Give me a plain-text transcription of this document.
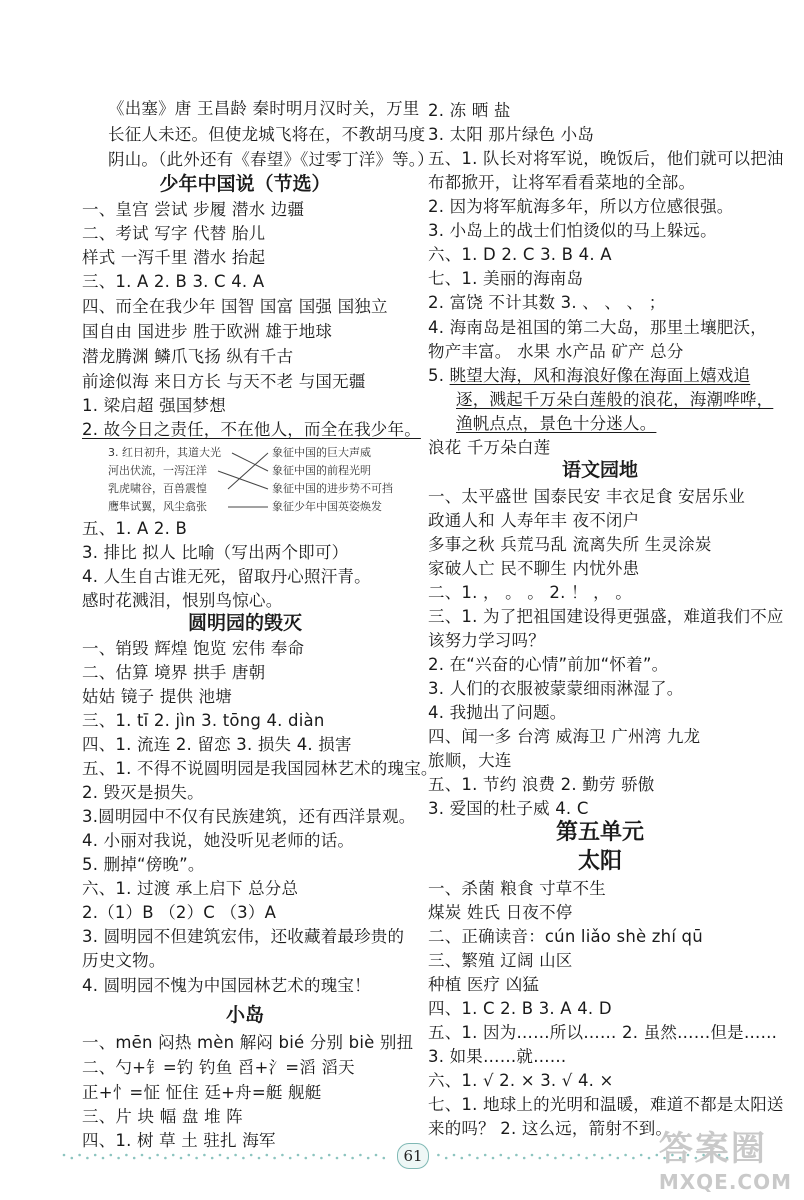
《出塞》唐 王昌龄 秦时明月汉时关，万里
长征人未还。但使龙城飞将在，不教胡马度
阴山。（此外还有《春望》《过零丁洋》等。）
少年中国说（节选）
一、皇宫 尝试 步履 潜水 边疆
二、考试 写字 代替 胎儿
样式 一泻千里 潜水 抬起
三、1. A 2. B 3. C 4. A
四、而全在我少年 国智 国富 国强 国独立
国自由 国进步 胜于欧洲 雄于地球
潜龙腾渊 鳞爪飞扬 纵有千古
前途似海 来日方长 与天不老 与国无疆
1. 梁启超 强国梦想
2. 故今日之责任，不在他人，而全在我少年。
3. 红日初升，其道大光
河出伏流，一泻汪洋
乳虎啸谷，百兽震惶
鹰隼试翼，风尘翕张
象征中国的巨大声威
象征中国的前程光明
象征中国的进步势不可挡
象征少年中国英姿焕发
五、1. A 2. B
3. 排比 拟人 比喻（写出两个即可）
4. 人生自古谁无死，留取丹心照汗青。
感时花溅泪，恨别鸟惊心。
圆明园的毁灭
一、销毁 辉煌 饱览 宏伟 奉命
二、估算 境界 拱手 唐朝
姑姑 镜子 提供 池塘
三、1. tī 2. jìn 3. tōng 4. diàn
四、1. 流连 2. 留恋 3. 损失 4. 损害
五、1. 不得不说圆明园是我国园林艺术的瑰宝。
2. 毁灭是损失。
3.圆明园中不仅有民族建筑，还有西洋景观。
4. 小丽对我说，她没听见老师的话。
5. 删掉“傍晚”。
六、1. 过渡 承上启下 总分总
2.（1）B （2）C （3）A
3. 圆明园不但建筑宏伟，还收藏着最珍贵的
历史文物。
4. 圆明园不愧为中国园林艺术的瑰宝！
小岛
一、mēn 闷热 mèn 解闷 bié 分别 biè 别扭
二、勺+钅=钓 钓鱼 舀+氵=滔 滔天
正+忄=怔 怔住 廷+舟=艇 舰艇
三、片 块 幅 盘 堆 阵
四、1. 树 草 土 驻扎 海军
2. 冻 晒 盐
3. 太阳 那片绿色 小岛
五、1. 队长对将军说，晚饭后，他们就可以把油
布都掀开，让将军看看菜地的全部。
2. 因为将军航海多年，所以方位感很强。
3. 小岛上的战士们怕烫似的马上躲远。
六、1. D 2. C 3. B 4. A
七、1. 美丽的海南岛
2. 富饶 不计其数 3. 、 、 、 ；
4. 海南岛是祖国的第二大岛，那里土壤肥沃，
物产丰富。 水果 水产品 矿产 总分
5. 眺望大海，风和海浪好像在海面上嬉戏追
逐，溅起千万朵白莲般的浪花，海潮哗哗，
渔帆点点，景色十分迷人。
浪花 千万朵白莲
语文园地
一、太平盛世 国泰民安 丰衣足食 安居乐业
政通人和 人寿年丰 夜不闭户
多事之秋 兵荒马乱 流离失所 生灵涂炭
家破人亡 民不聊生 内忧外患
二、1. ， 。 。 2. ！ ， 。
三、1. 为了把祖国建设得更强盛，难道我们不应
该努力学习吗？
2. 在“兴奋的心情”前加“怀着”。
3. 人们的衣服被蒙蒙细雨淋湿了。
4. 我抛出了问题。
四、闻一多 台湾 威海卫 广州湾 九龙
旅顺，大连
五、1. 节约 浪费 2. 勤劳 骄傲
3. 爱国的杜子威 4. C
第五单元
太阳
一、杀菌 粮食 寸草不生
煤炭 姓氏 日夜不停
二、正确读音：cún liǎo shè zhí qū
三、繁殖 辽阔 山区
种植 医疗 凶猛
四、1. C 2. B 3. A 4. D
五、1. 因为……所以…… 2. 虽然……但是……
3. 如果……就……
六、1. √ 2. × 3. √ 4. ×
七、1. 地球上的光明和温暖，难道不都是太阳送
来的吗？ 2. 这么远，箭射不到。
61	答案圈
MXQE.COM
